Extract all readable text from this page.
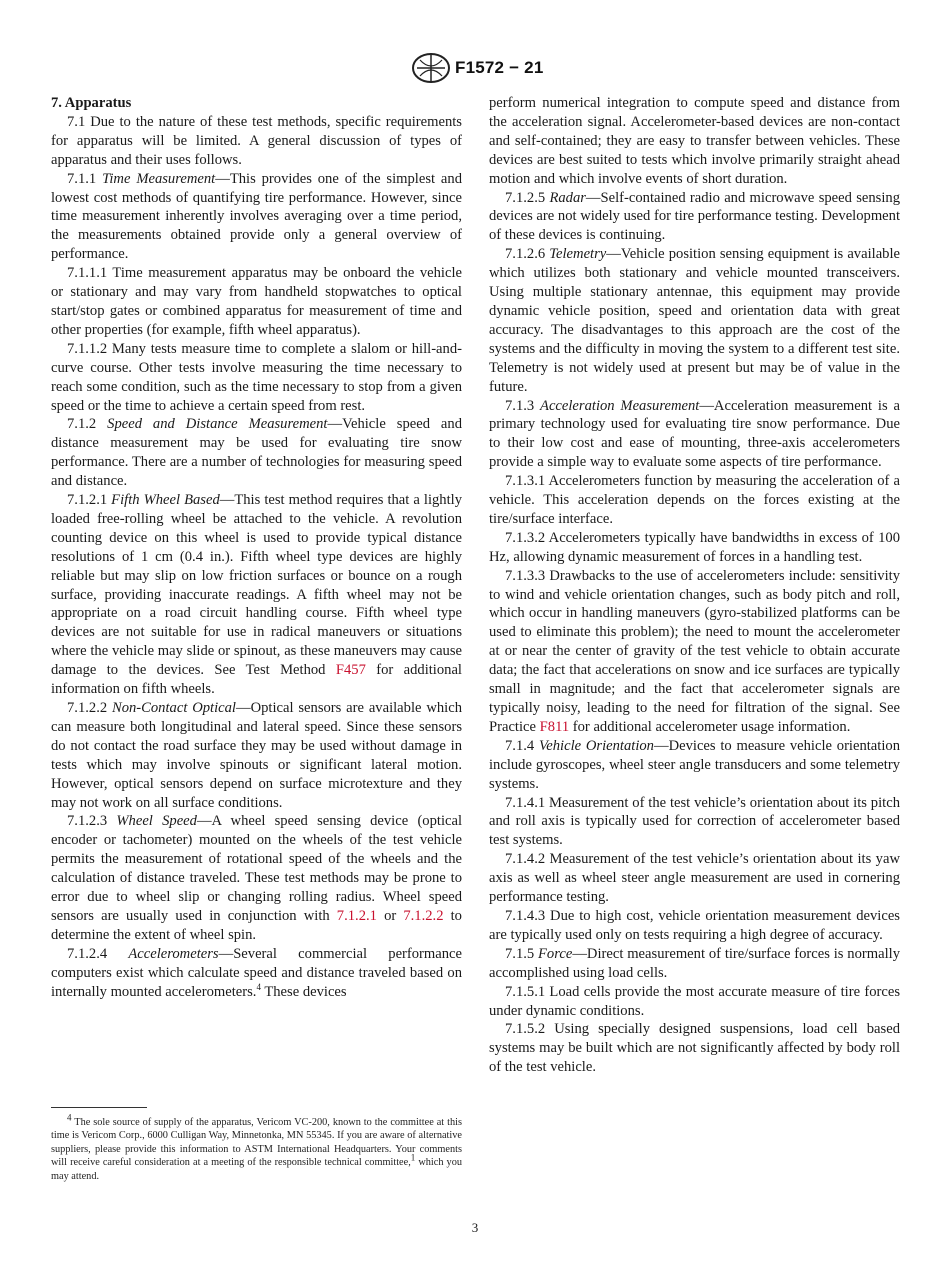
F1572 − 21
7. Apparatus

7.1 Due to the nature of these test methods, specific requirements for apparatus will be limited. A general discussion of types of apparatus and their uses follows.

7.1.1 Time Measurement—This provides one of the simplest and lowest cost methods of quantifying tire performance. However, since time measurement inherently involves averaging over a time period, the measurements obtained provide only a general overview of performance.

7.1.1.1 Time measurement apparatus may be onboard the vehicle or stationary and may vary from handheld stopwatches to optical start/stop gates or combined apparatus for measurement of time and other properties (for example, fifth wheel apparatus).

7.1.1.2 Many tests measure time to complete a slalom or hill-and-curve course. Other tests involve measuring the time necessary to reach some condition, such as the time necessary to stop from a given speed or the time to achieve a certain speed from rest.

7.1.2 Speed and Distance Measurement—Vehicle speed and distance measurement may be used for evaluating tire snow performance. There are a number of technologies for measuring speed and distance.

7.1.2.1 Fifth Wheel Based—This test method requires that a lightly loaded free-rolling wheel be attached to the vehicle. A revolution counting device on this wheel is used to provide typical distance resolutions of 1 cm (0.4 in.). Fifth wheel type devices are highly reliable but may slip on low friction surfaces or bounce on a rough surface, providing inaccurate readings. A fifth wheel may not be appropriate on a road circuit handling course. Fifth wheel type devices are not suitable for use in radical maneuvers or situations where the vehicle may slide or spinout, as these maneuvers may cause damage to the devices. See Test Method F457 for additional information on fifth wheels.

7.1.2.2 Non-Contact Optical—Optical sensors are available which can measure both longitudinal and lateral speed. Since these sensors do not contact the road surface they may be used without damage in tests which may involve spinouts or significant lateral motion. However, optical sensors depend on surface microtexture and they may not work on all surface conditions.

7.1.2.3 Wheel Speed—A wheel speed sensing device (optical encoder or tachometer) mounted on the wheels of the test vehicle permits the measurement of rotational speed of the wheels and the calculation of distance traveled. These test methods may be prone to error due to wheel slip or changing rolling radius. Wheel speed sensors are usually used in conjunction with 7.1.2.1 or 7.1.2.2 to determine the extent of wheel spin.

7.1.2.4 Accelerometers—Several commercial performance computers exist which calculate speed and distance traveled based on internally mounted accelerometers.$^4$ These devices

perform numerical integration to compute speed and distance from the acceleration signal. Accelerometer-based devices are non-contact and self-contained; they are easy to transfer between vehicles. These devices are best suited to tests which involve primarily straight ahead motion and which involve events of short duration.

7.1.2.5 Radar—Self-contained radio and microwave speed sensing devices are not widely used for tire performance testing. Development of these devices is continuing.

7.1.2.6 Telemetry—Vehicle position sensing equipment is available which utilizes both stationary and vehicle mounted transceivers. Using multiple stationary antennae, this equipment may provide dynamic vehicle position, speed and orientation data with great accuracy. The disadvantages to this approach are the cost of the systems and the difficulty in moving the system to a different test site. Telemetry is not widely used at present but may be of value in the future.

7.1.3 Acceleration Measurement—Acceleration measurement is a primary technology used for evaluating tire snow performance. Due to their low cost and ease of mounting, three-axis accelerometers provide a simple way to evaluate some aspects of tire performance.

7.1.3.1 Accelerometers function by measuring the acceleration of a vehicle. This acceleration depends on the forces existing at the tire/surface interface.

7.1.3.2 Accelerometers typically have bandwidths in excess of 100 Hz, allowing dynamic measurement of forces in a handling test.

7.1.3.3 Drawbacks to the use of accelerometers include: sensitivity to wind and vehicle orientation changes, such as body pitch and roll, which occur in handling maneuvers (gyro-stabilized platforms can be used to eliminate this problem); the need to mount the accelerometer at or near the center of gravity of the test vehicle to obtain accurate data; the fact that accelerations on snow and ice surfaces are typically small in magnitude; and the fact that accelerometer signals are typically noisy, leading to the need for filtration of the signal. See Practice F811 for additional accelerometer usage information.

7.1.4 Vehicle Orientation—Devices to measure vehicle orientation include gyroscopes, wheel steer angle transducers and some telemetry systems.

7.1.4.1 Measurement of the test vehicle’s orientation about its pitch and roll axis is typically used for correction of accelerometer based test systems.

7.1.4.2 Measurement of the test vehicle’s orientation about its yaw axis as well as wheel steer angle measurement are used in cornering performance testing.

7.1.4.3 Due to high cost, vehicle orientation measurement devices are typically used only on tests requiring a high degree of accuracy.

7.1.5 Force—Direct measurement of tire/surface forces is normally accomplished using load cells.

7.1.5.1 Load cells provide the most accurate measure of tire forces under dynamic conditions.

7.1.5.2 Using specially designed suspensions, load cell based systems may be built which are not significantly affected by body roll of the test vehicle.

$^4$ The sole source of supply of the apparatus, Vericom VC-200, known to the committee at this time is Vericom Corp., 6000 Culligan Way, Minnetonka, MN 55345. If you are aware of alternative suppliers, please provide this information to ASTM International Headquarters. Your comments will receive careful consideration at a meeting of the responsible technical committee,$^1$ which you may attend.
3
